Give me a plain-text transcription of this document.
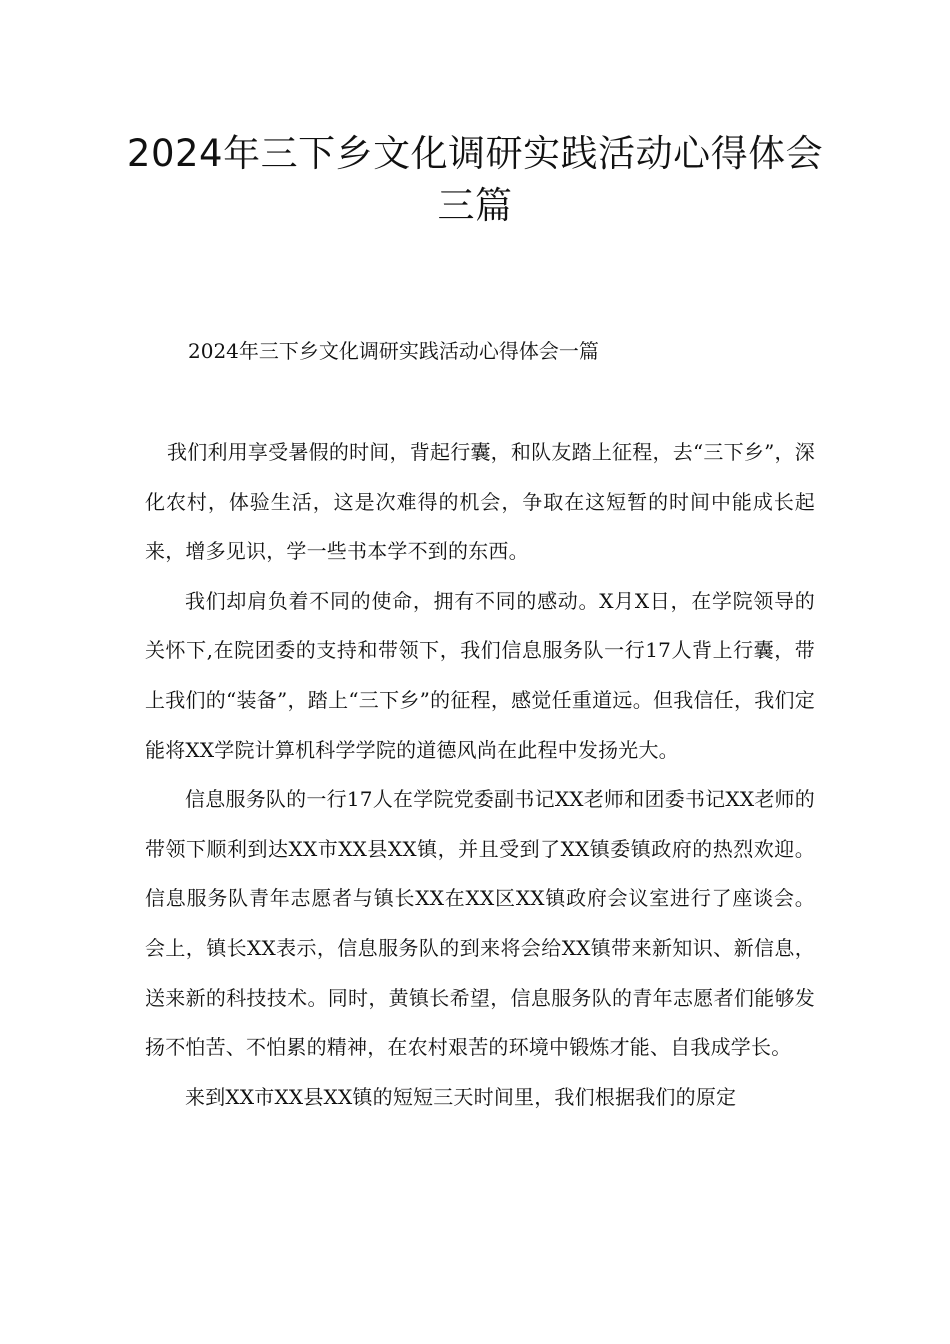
2024年三下乡文化调研实践活动心得体会三篇
2024年三下乡文化调研实践活动心得体会一篇

我们利用享受暑假的时间，背起行囊，和队友踏上征程，去“三下乡”，深化农村，体验生活，这是次难得的机会，争取在这短暂的时间中能成长起来，增多见识，学一些书本学不到的东西。

我们却肩负着不同的使命，拥有不同的感动。X月X日，在学院领导的关怀下,在院团委的支持和带领下，我们信息服务队一行17人背上行囊，带上我们的“装备”，踏上“三下乡”的征程，感觉任重道远。但我信任，我们定能将XX学院计算机科学学院的道德风尚在此程中发扬光大。

信息服务队的一行17人在学院党委副书记XX老师和团委书记XX老师的带领下顺利到达XX市XX县XX镇，并且受到了XX镇委镇政府的热烈欢迎。信息服务队青年志愿者与镇长XX在XX区XX镇政府会议室进行了座谈会。会上，镇长XX表示，信息服务队的到来将会给XX镇带来新知识、新信息，送来新的科技技术。同时，黄镇长希望，信息服务队的青年志愿者们能够发扬不怕苦、不怕累的精神，在农村艰苦的环境中锻炼才能、自我成学长。

来到XX市XX县XX镇的短短三天时间里，我们根据我们的原定
